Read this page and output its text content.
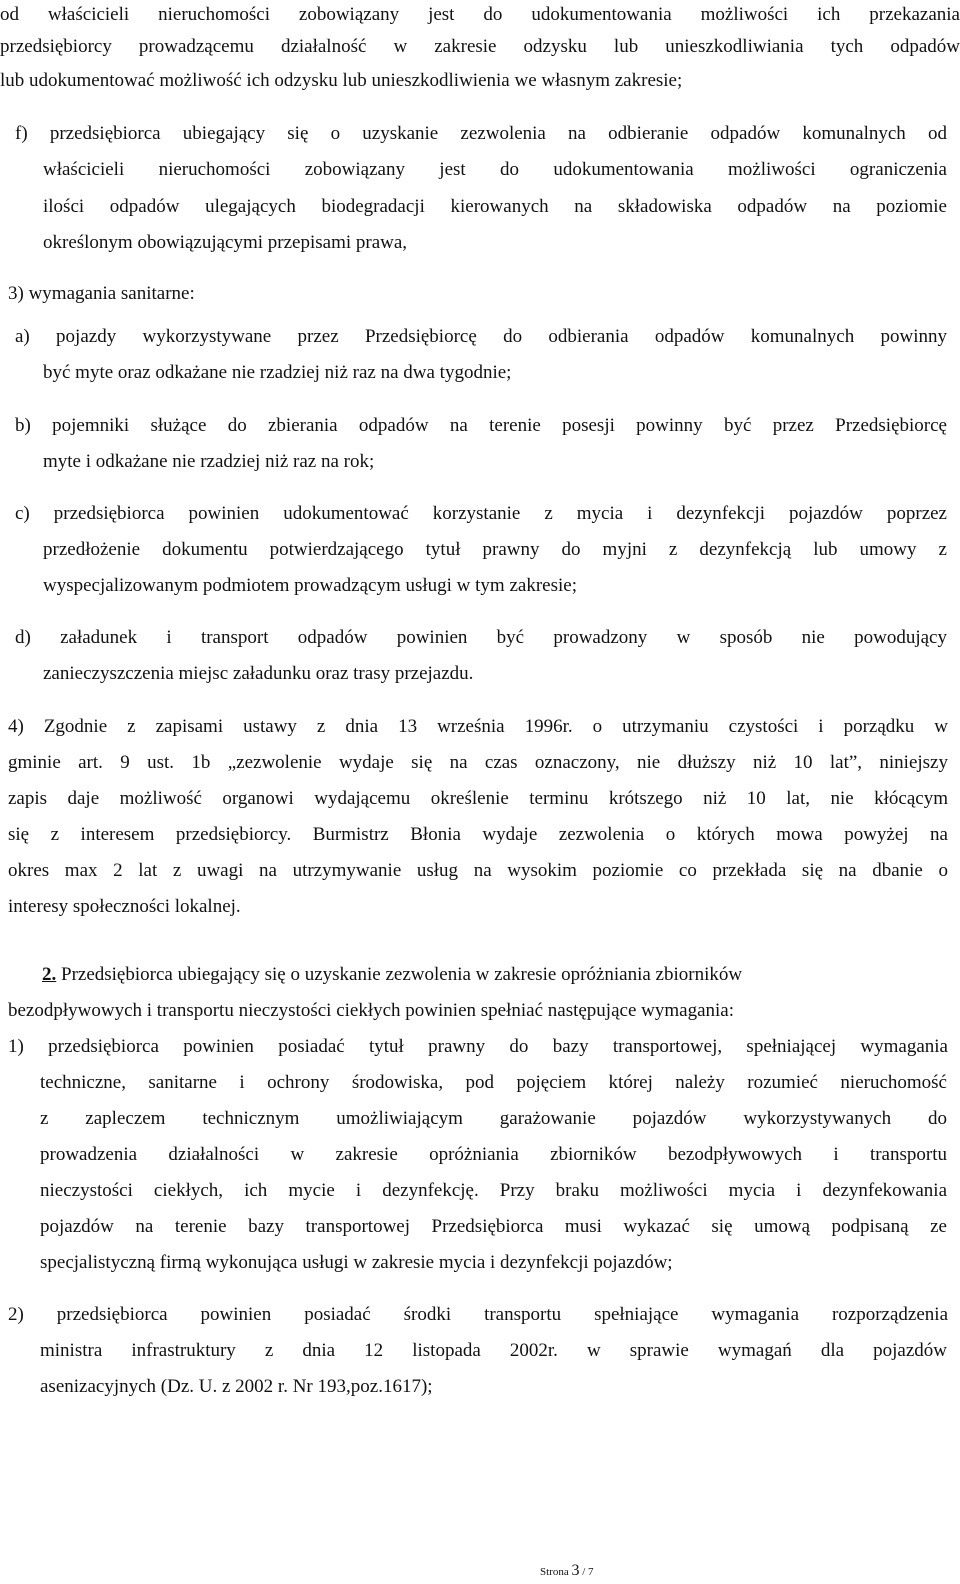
od właścicieli nieruchomości zobowiązany jest do udokumentowania możliwości ich przekazania
przedsiębiorcy prowadzącemu działalność w zakresie odzysku lub unieszkodliwiania tych odpadów
lub udokumentować możliwość ich odzysku lub unieszkodliwienia we własnym zakresie;
f) przedsiębiorca ubiegający się o uzyskanie zezwolenia na odbieranie odpadów komunalnych od
właścicieli nieruchomości zobowiązany jest do udokumentowania możliwości ograniczenia
ilości odpadów ulegających biodegradacji kierowanych na składowiska odpadów na poziomie
określonym obowiązującymi przepisami prawa,
3) wymagania sanitarne:
a) pojazdy wykorzystywane przez Przedsiębiorcę do odbierania odpadów komunalnych powinny
być myte oraz odkażane nie rzadziej niż raz na dwa tygodnie;
b) pojemniki służące do zbierania odpadów na terenie posesji powinny być przez Przedsiębiorcę
myte i odkażane nie rzadziej niż raz na rok;
c) przedsiębiorca powinien udokumentować korzystanie z mycia i dezynfekcji pojazdów poprzez
przedłożenie dokumentu potwierdzającego tytuł prawny do myjni z dezynfekcją lub umowy z
wyspecjalizowanym podmiotem prowadzącym usługi w tym zakresie;
d) załadunek i transport odpadów powinien być prowadzony w sposób nie powodujący
zanieczyszczenia miejsc załadunku oraz trasy przejazdu.
4) Zgodnie z zapisami ustawy z dnia 13 września 1996r. o utrzymaniu czystości i porządku w
gminie art. 9 ust. 1b „zezwolenie wydaje się na czas oznaczony, nie dłuższy niż 10 lat”, niniejszy
zapis daje możliwość organowi wydającemu określenie terminu krótszego niż 10 lat, nie kłócącym
się z interesem przedsiębiorcy. Burmistrz Błonia wydaje zezwolenia o których mowa powyżej na
okres max 2 lat z uwagi na utrzymywanie usług na wysokim poziomie co przekłada się na dbanie o
interesy społeczności lokalnej.
2. Przedsiębiorca ubiegający się o uzyskanie zezwolenia w zakresie opróżniania zbiorników
bezodpływowych i transportu nieczystości ciekłych powinien spełniać następujące wymagania:
1) przedsiębiorca powinien posiadać tytuł prawny do bazy transportowej, spełniającej wymagania
techniczne, sanitarne i ochrony środowiska, pod pojęciem której należy rozumieć nieruchomość
z zapleczem technicznym umożliwiającym garażowanie pojazdów wykorzystywanych do
prowadzenia działalności w zakresie opróżniania zbiorników bezodpływowych i transportu
nieczystości ciekłych, ich mycie i dezynfekcję. Przy braku możliwości mycia i dezynfekowania
pojazdów na terenie bazy transportowej Przedsiębiorca musi wykazać się umową podpisaną ze
specjalistyczną firmą wykonująca usługi w zakresie mycia i dezynfekcji pojazdów;
2) przedsiębiorca powinien posiadać środki transportu spełniające wymagania rozporządzenia
ministra infrastruktury z dnia 12 listopada 2002r. w sprawie wymagań dla pojazdów
asenizacyjnych (Dz. U. z 2002 r. Nr 193,poz.1617);
Strona 3 / 7
